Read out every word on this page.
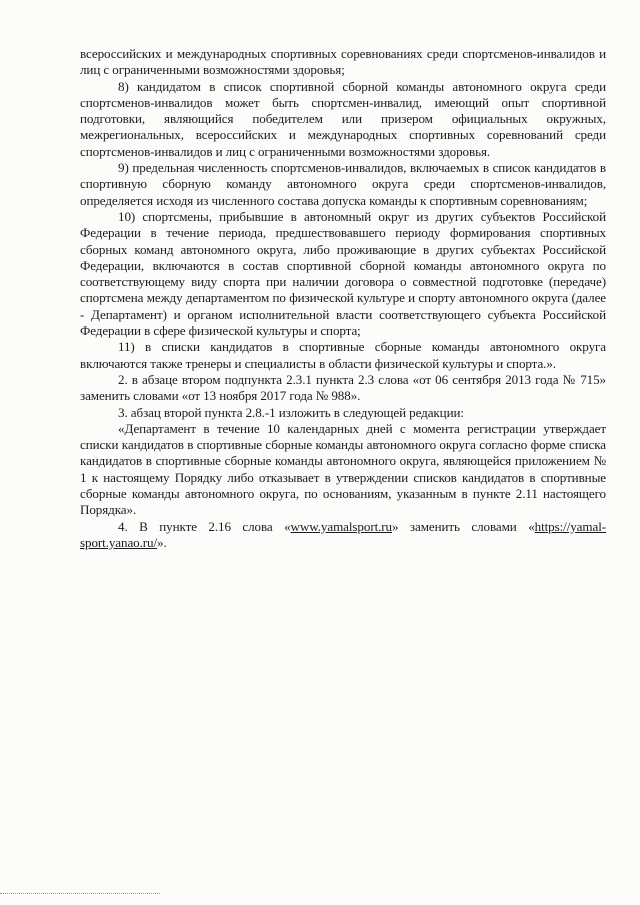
всероссийских и международных спортивных соревнованиях среди спортсменов-инвалидов и лиц с ограниченными возможностями здоровья;

8) кандидатом в список спортивной сборной команды автономного округа среди спортсменов-инвалидов может быть спортсмен-инвалид, имеющий опыт спортивной подготовки, являющийся победителем или призером официальных окружных, межрегиональных, всероссийских и международных спортивных соревнований среди спортсменов-инвалидов и лиц с ограниченными возможностями здоровья.

9) предельная численность спортсменов-инвалидов, включаемых в список кандидатов в спортивную сборную команду автономного округа среди спортсменов-инвалидов, определяется исходя из численного состава допуска команды к спортивным соревнованиям;

10) спортсмены, прибывшие в автономный округ из других субъектов Российской Федерации в течение периода, предшествовавшего периоду формирования спортивных сборных команд автономного округа, либо проживающие в других субъектах Российской Федерации, включаются в состав спортивной сборной команды автономного округа по соответствующему виду спорта при наличии договора о совместной подготовке (передаче) спортсмена между департаментом по физической культуре и спорту автономного округа (далее - Департамент) и органом исполнительной власти соответствующего субъекта Российской Федерации в сфере физической культуры и спорта;

11) в списки кандидатов в спортивные сборные команды автономного округа включаются также тренеры и специалисты в области физической культуры и спорта.».

2. в абзаце втором подпункта 2.3.1 пункта 2.3 слова «от 06 сентября 2013 года № 715» заменить словами «от 13 ноября 2017 года № 988».

3. абзац второй пункта 2.8.-1 изложить в следующей редакции:

«Департамент в течение 10 календарных дней с момента регистрации утверждает списки кандидатов в спортивные сборные команды автономного округа согласно форме списка кандидатов в спортивные сборные команды автономного округа, являющейся приложением № 1 к настоящему Порядку либо отказывает в утверждении списков кандидатов в спортивные сборные команды автономного округа, по основаниям, указанным в пункте 2.11 настоящего Порядка».

4. В пункте 2.16 слова «www.yamalsport.ru» заменить словами «https://yamal-sport.yanao.ru/».
